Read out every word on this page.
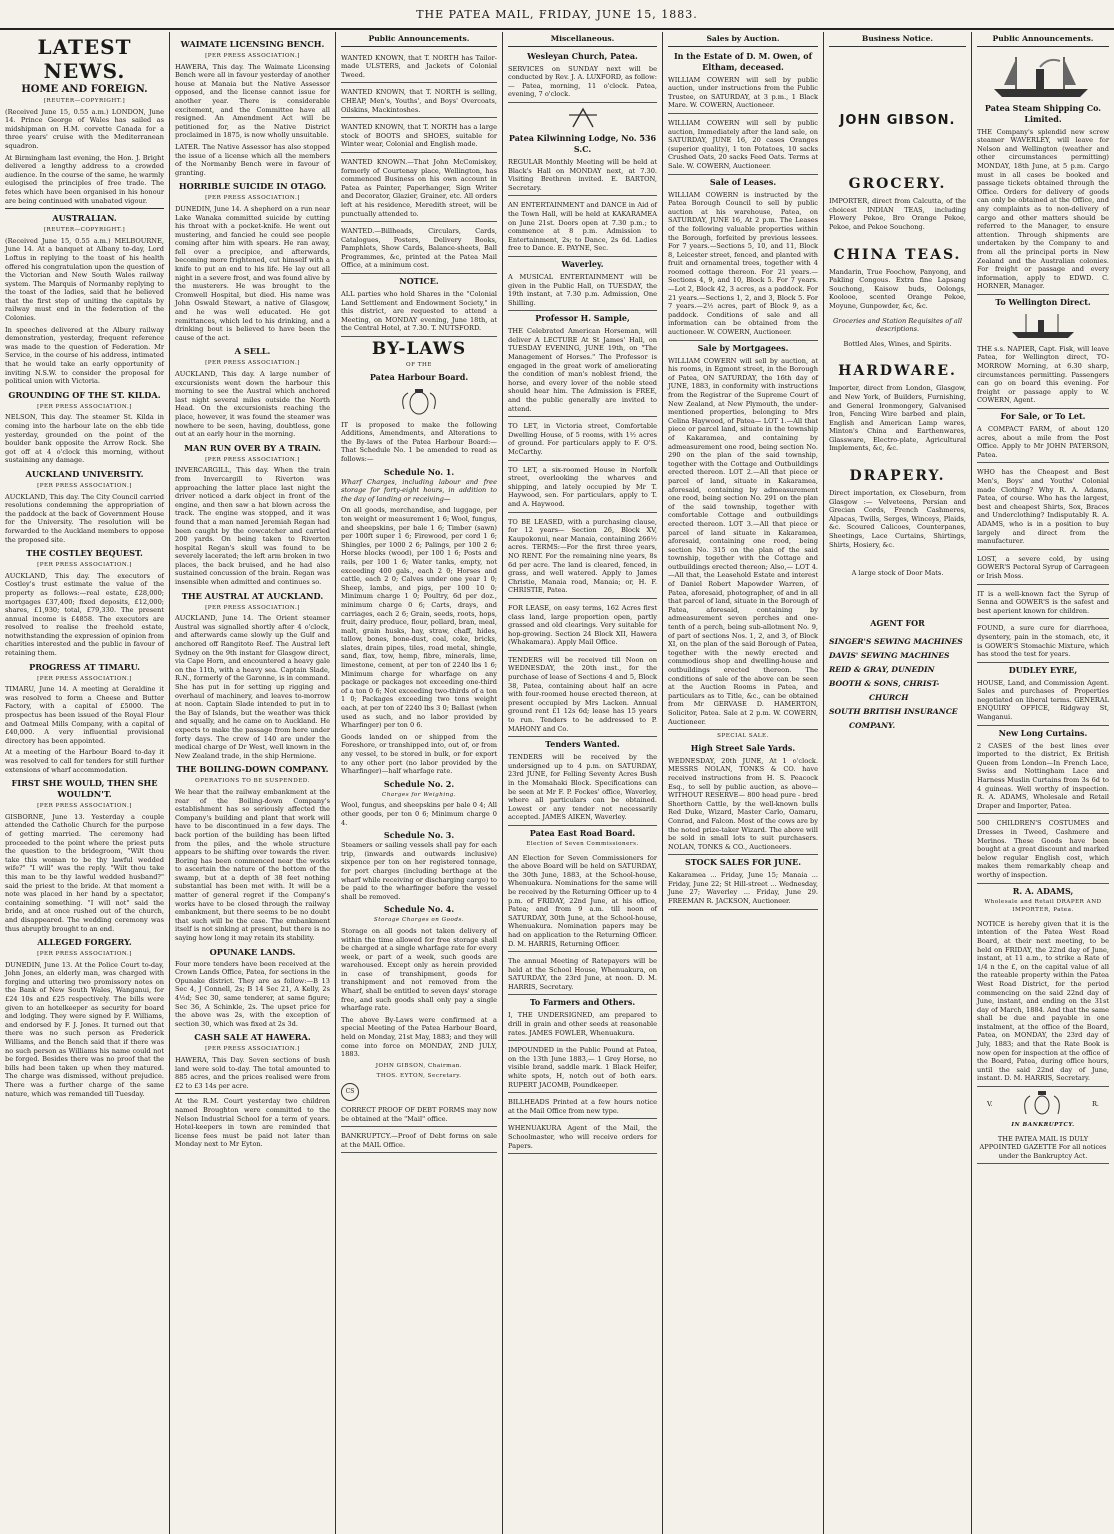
THE PATEA MAIL, FRIDAY, JUNE 15, 1883.
LATEST NEWS.
HOME AND FOREIGN.
[REUTER—COPYRIGHT.]
(Received June 15, 0.55 a.m.) LONDON, June 14. Prince George of Wales has sailed as midshipman on H.M. corvette Canada for a three years' cruise with the Mediterranean squadron.
At Birmingham last evening, the Hon. J. Bright delivered a lengthy address to a crowded audience. In the course of the same, he warmly eulogised the principles of free trade. The fetes which have been organised in his honour are being continued with unabated vigour.
AUSTRALIAN.
[REUTER—COPYRIGHT.]
(Received June 15, 0.55 a.m.) MELBOURNE, June 14. At a banquet at Albany to-day, Lord Loftus in replying to the toast of his health offered his congratulation upon the question of the Victorian and New South Wales railway system. The Marquis of Normanby replying to the toast of the ladies, said that he believed that the first step of uniting the capitals by railway must end in the federation of the Colonies.
In speeches delivered at the Albury railway demonstration, yesterday, frequent reference was made to the question of Federation. Mr Service, in the course of his address, intimated that he would take an early opportunity of inviting N.S.W. to consider the proposal for political union with Victoria.
GROUNDING OF THE ST. KILDA.
[PER PRESS ASSOCIATION.]
NELSON, This day. The steamer St. Kilda in coming into the harbour late on the ebb tide yesterday, grounded on the point of the boulder bank opposite the Arrow Rock. She got off at 4 o'clock this morning, without sustaining any damage.
AUCKLAND UNIVERSITY.
[PER PRESS ASSOCIATION.]
AUCKLAND, This day. The City Council carried resolutions condemning the appropriation of the paddock at the back of Government House for the University. The resolution will be forwarded to the Auckland members to oppose the proposed site.
THE COSTLEY BEQUEST.
[PER PRESS ASSOCIATION.]
AUCKLAND, This day. The executors of Costley's trust estimate the value of the property as follows:—real estate, £28,000; mortgages £37,400; fixed deposits, £12,000; shares, £1,930; total, £79,330. The present annual income is £4858. The executors are resolved to realise the freehold estate, notwithstanding the expression of opinion from charities interested and the public in favour of retaining them.
PROGRESS AT TIMARU.
[PER PRESS ASSOCIATION.]
TIMARU, June 14. A meeting at Geraldine it was resolved to form a Cheese and Butter Factory, with a capital of £5000. The prospectus has been issued of the Royal Flour and Oatmeal Mills Company, with a capital of £40,000. A very influential provisional directory has been appointed.
At a meeting of the Harbour Board to-day it was resolved to call for tenders for still further extensions of wharf accommodation.
FIRST SHE WOULD, THEN SHE WOULDN'T.
[PER PRESS ASSOCIATION.]
GISBORNE, June 13. Yesterday a couple attended the Catholic Church for the purpose of getting married. The ceremony had proceeded to the point where the priest puts the question to the bridegroom, "Wilt thou take this woman to be thy lawful wedded wife?" "I will" was the reply. "Wilt thou take this man to be thy lawful wedded husband?" said the priest to the bride. At that moment a note was placed in her hand by a spectator, containing something. "I will not" said the bride, and at once rushed out of the church, and disappeared. The wedding ceremony was thus abruptly brought to an end.
ALLEGED FORGERY.
[PER PRESS ASSOCIATION.]
DUNEDIN, June 13. At the Police Court to-day, John Jones, an elderly man, was charged with forging and uttering two promissory notes on the Bank of New South Wales, Wanganui, for £24 10s and £25 respectively. The bills were given to an hotelkeeper as security for board and lodging. They were signed by F. Williams, and endorsed by F. J. Jones. It turned out that there was no such person as Frederick Williams, and the Bench said that if there was no such person as Williams his name could not be forged. Besides there was no proof that the bills had been taken up when they matured. The charge was dismissed, without prejudice. There was a further charge of the same nature, which was remanded till Tuesday.
WAIMATE LICENSING BENCH.
[PER PRESS ASSOCIATION.]
HAWERA, This day. The Waimate Licensing Bench were all in favour yesterday of another house at Manaia but the Native Assessor opposed, and the license cannot issue for another year. There is considerable excitement, and the Committee have all resigned. An Amendment Act will be petitioned for, as the Native District proclaimed in 1875, is now wholly unsuitable.
LATER. The Native Assessor has also stopped the issue of a license which all the members of the Normanby Bench were in favour of granting.
HORRIBLE SUICIDE IN OTAGO.
[PER PRESS ASSOCIATION.]
DUNEDIN, June 14. A shepherd on a run near Lake Wanaka committed suicide by cutting his throat with a pocket-knife. He went out mustering, and fancied he could see people coming after him with spears. He ran away, fell over a precipice, and afterwards, becoming more frightened, cut himself with a knife to put an end to his life. He lay out all night in a severe frost, and was found alive by the musterers. He was brought to the Cromwell Hospital, but died. His name was John Oswald Stewart, a native of Glasgow, and he was well educated. He got remittances, which led to his drinking, and a drinking bout is believed to have been the cause of the act.
A SELL.
[PER PRESS ASSOCIATION.]
AUCKLAND, This day. A large number of excursionists went down the harbour this morning to see the Austral which anchored last night several miles outside the North Head. On the excursionists reaching the place, however, it was found the steamer was nowhere to be seen, having, doubtless, gone out at an early hour in the morning.
MAN RUN OVER BY A TRAIN.
[PER PRESS ASSOCIATION.]
INVERCARGILL, This day. When the train from Invercargill to Riverton was approaching the latter place last night the driver noticed a dark object in front of the engine, and then saw a hat blown across the track. The engine was stopped, and it was found that a man named Jeremiah Regan had been caught by the cowcatcher and carried 200 yards. On being taken to Riverton hospital Regan's skull was found to be severely lacerated; the left arm broken in two places, the back bruised, and he had also sustained concussion of the brain. Regan was insensible when admitted and continues so.
THE AUSTRAL AT AUCKLAND.
[PER PRESS ASSOCIATION.]
AUCKLAND, June 14. The Orient steamer Austral was signalled shortly after 4 o'clock, and afterwards came slowly up the Gulf and anchored off Rangitoto Reef. The Austral left Sydney on the 9th instant for Glasgow direct, via Cape Horn, and encountered a heavy gale on the 11th, with a heavy sea. Captain Slade, R.N., formerly of the Garonne, is in command. She has put in for setting up rigging and overhaul of machinery, and leaves to-morrow at noon. Captain Slade intended to put in to the Bay of Islands, but the weather was thick and squally, and he came on to Auckland. He expects to make the passage from here under forty days. The crew of 140 are under the medical charge of Dr West, well known in the New Zealand trade, in the ship Hermione.
THE BOILING-DOWN COMPANY.
OPERATIONS TO BE SUSPENDED.
We hear that the railway embankment at the rear of the Boiling-down Company's establishment has so seriously affected the Company's building and plant that work will have to be discontinued in a few days. The back portion of the building has been lifted from the piles, and the whole structure appears to be shifting over towards the river. Boring has been commenced near the works to ascertain the nature of the bottom of the swamp, but at a depth of 38 feet nothing substantial has been met with. It will be a matter of general regret if the Company's works have to be closed through the railway embankment, but there seems to be no doubt that such will be the case. The embankment itself is not sinking at present, but there is no saying how long it may retain its stability.
OPUNAKE LANDS.
Four more tenders have been received at the Crown Lands Office, Patea, for sections in the Opunake district. They are as follow:—B 13 Sec 4, J Connell, 2s; B 14 Sec 21, A Kelly, 2s 4½d; Sec 30, same tenderer, at same figure; Sec 36, A Schinkle, 2s. The upset price for the above was 2s, with the exception of section 30, which was fixed at 2s 3d.
CASH SALE AT HAWERA.
[PER PRESS ASSOCIATION.]
HAWERA, This Day. Seven sections of bush land were sold to-day. The total amounted to 885 acres, and the prices realised were from £2 to £3 14s per acre.
At the R.M. Court yesterday two children named Broughton were committed to the Nelson Industrial School for a term of years. Hotel-keepers in town are reminded that license fees must be paid not later than Monday next to Mr Eyton.
Public Announcements.
WANTED KNOWN, that T. NORTH has Tailor-made ULSTERS, and Jackets of Colonial Tweed.
WANTED KNOWN, that T. NORTH is selling, CHEAP, Men's, Youths', and Boys' Overcoats, Oilskins, Mackintoshes.
WANTED KNOWN, that T. NORTH has a large stock of BOOTS and SHOES, suitable for Winter wear, Colonial and English made.
WANTED KNOWN.—That John McComiskey, formerly of Courtenay place, Wellington, has commenced Business on his own account in Patea as Painter, Paperhanger, Sign Writer and Decorator, Glazier, Grainer, etc. All orders left at his residence, Meredith street, will be punctually attended to.
WANTED.—Billheads, Circulars, Cards, Catalogues, Posters, Delivery Books, Pamphlets, Show Cards, Balance-sheets, Ball Programmes, &c, printed at the Patea Mail Office, at a minimum cost.
NOTICE.
ALL parties who hold Shares in the "Colonial Land Settlement and Endowment Society," in this district, are requested to attend a Meeting, on MONDAY evening, June 18th, at the Central Hotel, at 7.30. T. NUTSFORD.
BY-LAWS
OF THE
Patea Harbour Board.
IT is proposed to make the following Additions, Amendments, and Alterations to the By-laws of the Patea Harbour Board:— That Schedule No. 1 be amended to read as follows:—
Schedule No. 1.
Wharf Charges, including labour and free storage for forty-eight hours, in addition to the day of landing or receiving—
On all goods, merchandise, and luggage, per ton weight or measurement 1 6; Wool, fungus, and sheepskins, per bale 1 6; Timber (sawn) per 100ft super 1 6; Firewood, per cord 1 6; Shingles, per 1000 2 6; Palings, per 100 2 6; Horse blocks (wood), per 100 1 6; Posts and rails, per 100 1 6; Water tanks, empty, not exceeding 400 gals., each 2 0; Horses and cattle, each 2 0; Calves under one year 1 0; Sheep, lambs, and pigs, per 100 10 0; Minimum charge 1 0; Poultry, 6d per doz., minimum charge 0 6; Carts, drays, and carriages, each 2 6; Grain, seeds, roots, hops, fruit, dairy produce, flour, pollard, bran, meal, malt, grain husks, hay, straw, chaff, hides, tallow, bones, bone-dust, coal, coke, bricks, slates, drain pipes, tiles, road metal, shingle, sand, flax, tow, hemp, fibre, minerals, lime, limestone, cement, at per ton of 2240 lbs 1 6; Minimum charge for wharfage on any package or packages not exceeding one-third of a ton 0 6; Not exceeding two-thirds of a ton 1 0; Packages exceeding two tons weight each, at per ton of 2240 lbs 3 0; Ballast (when used as such, and no labor provided by Wharfinger) per ton 0 6.
Goods landed on or shipped from the Foreshore, or transhipped into, out of, or from any vessel, to be stored in bulk, or for export to any other port (no labor provided by the Wharfinger)—half wharfage rate.
Schedule No. 2.
Charges for Weighing.
Wool, fungus, and sheepskins per bale 0 4; All other goods, per ton 0 6; Minimum charge 0 4.
Schedule No. 3.
Steamers or sailing vessels shall pay for each trip, (inwards and outwards inclusive) sixpence per ton on her registered tonnage, for port charges (including berthage at the wharf while receiving or discharging cargo) to be paid to the wharfinger before the vessel shall be removed.
Schedule No. 4.
Storage Charges on Goods.
Storage on all goods not taken delivery of within the time allowed for free storage shall be charged at a single wharfage rate for every week, or part of a week, such goods are warehoused. Except only as herein provided in case of transhipment, goods for transhipment and not removed from the Wharf, shall be entitled to seven days' storage free, and such goods shall only pay a single wharfage rate.
The above By-Laws were confirmed at a special Meeting of the Patea Harbour Board, held on Monday, 21st May, 1883; and they will come into force on MONDAY, 2ND JULY, 1883.
JOHN GIBSON, Chairman.
THOS. EYTON, Secretary.
CS
CORRECT PROOF OF DEBT FORMS may now be obtained at the "Mail" office.
BANKRUPTCY.—Proof of Debt forms on sale at the MAIL Office.
Miscellaneous.
Wesleyan Church, Patea.
SERVICES on SUNDAY next will be conducted by Rev. J. A. LUXFORD, as follow:— Patea, morning, 11 o'clock. Patea, evening, 7 o'clock.
Patea Kilwinning Lodge, No. 536 S.C.
REGULAR Monthly Meeting will be held at Black's Hall on MONDAY next, at 7.30. Visiting Brethren invited. E. BARTON, Secretary.
AN ENTERTAINMENT and DANCE in Aid of the Town Hall, will be held at KAKARAMEA on June 21st. Doors open at 7.30 p.m.; to commence at 8 p.m. Admission to Entertainment, 2s; to Dance, 2s 6d. Ladies free to Dance. E. PAYNE, Sec.
Waverley.
A MUSICAL ENTERTAINMENT will be given in the Public Hall, on TUESDAY, the 19th instant, at 7.30 p.m. Admission, One Shilling.
Professor H. Sample,
THE Celebrated American Horseman, will deliver A LECTURE At St James' Hall, on TUESDAY EVENING, JUNE 19th, on "The Management of Horses." The Professor is engaged in the great work of ameliorating the condition of man's noblest friend, the horse, and every lover of the noble steed should hear him. The Admission is FREE, and the public generally are invited to attend.
TO LET, in Victoria street, Comfortable Dwelling House, of 5 rooms, with 1½ acres of ground. For particulars apply to F. O'S. McCarthy.
TO LET, a six-roomed House in Norfolk street, overlooking the wharves and shipping, and lately occupied by Mr T. Haywood, sen. For particulars, apply to T. and A. Haywood.
TO BE LEASED, with a purchasing clause, for 12 years— Section 26, Block XV, Kaupokonui, near Manaia, containing 266½ acres. TERMS:—For the first three years, NO RENT. For the remaining nine years, 8s 6d per acre. The land is cleared, fenced, in grass, and well watered. Apply to James Christie, Manaia road, Manaia; or, H. F. CHRISTIE, Patea.
FOR LEASE, on easy terms, 162 Acres first class land, large proportion open, partly grassed and old clearings. Very suitable for hop-growing. Section 24 Block XII, Hawera (Whakamara). Apply Mail Office.
TENDERS will be received till Noon on WEDNESDAY, the 20th inst., for the purchase of lease of Sections 4 and 5, Block 38, Patea, containing about half an acre with four-roomed house erected thereon, at present occupied by Mrs Lacken. Annual ground rent £1 12s 6d; lease has 15 years to run. Tenders to be addressed to P. MAHONY and Co.
Tenders Wanted.
TENDERS will be received by the undersigned up to 4 p.m. on SATURDAY, 23rd JUNE, for Felling Seventy Acres Bush in the Momahaki Block. Specifications can be seen at Mr F. P. Fockes' office, Waverley, where all particulars can be obtained. Lowest or any tender not necessarily accepted. JAMES AIKEN, Waverley.
Patea East Road Board.
Election of Seven Commissioners.
AN Election for Seven Commissioners for the above Board will be held on SATURDAY, the 30th June, 1883, at the School-house, Whenuakura. Nominations for the same will be received by the Returning Officer up to 4 p.m. of FRIDAY, 22nd June, at his office, Patea; and from 9 a.m. till noon of SATURDAY, 30th June, at the School-house, Whenuakura. Nomination papers may be had on application to the Returning Officer. D. M. HARRIS, Returning Officer.
The annual Meeting of Ratepayers will be held at the School House, Whenuakura, on SATURDAY, the 23rd June, at noon. D. M. HARRIS, Secretary.
To Farmers and Others.
I, THE UNDERSIGNED, am prepared to drill in grain and other seeds at reasonable rates. JAMES FOWLER, Whenuakura.
IMPOUNDED in the Public Pound at Patea, on the 13th June 1883,— 1 Grey Horse, no visible brand, saddle mark. 1 Black Heifer, white spots, H, notch out of both ears. RUPERT JACOMB, Poundkeeper.
BILLHEADS Printed at a few hours notice at the Mail Office from new type.
WHENUAKURA Agent of the Mail, the Schoolmaster, who will receive orders for Papers.
Sales by Auction.
In the Estate of D. M. Owen, of Eltham, deceased.
WILLIAM COWERN will sell by public auction, under instructions from the Public Trustee, on SATURDAY, at 3 p.m., 1 Black Mare. W. COWERN, Auctioneer.
WILLIAM COWERN will sell by public auction, Immediately after the land sale, on SATURDAY, JUNE 16, 20 cases Oranges (superior quality), 1 ton Potatoes, 10 sacks Crushed Oats, 20 sacks Feed Oats. Terms at Sale. W. COWERN, Auctioneer.
Sale of Leases.
WILLIAM COWERN is instructed by the Patea Borough Council to sell by public auction at his warehouse, Patea, on SATURDAY, JUNE 16, At 2 p.m. The Leases of the following valuable properties within the Borough, forfeited by previous lessees. For 7 years.—Sections 5, 10, and 11, Block 8, Leicester street, fenced, and planted with fruit and ornamental trees, together with 4 roomed cottage thereon. For 21 years.—Sections 4, 9, and 10, Block 5. For 7 years.—Lot 2, Block 42, 3 acres, as a paddock. For 21 years.—Sections 1, 2, and 3, Block 5. For 7 years.—2½ acres, part of Block 9, as a paddock. Conditions of sale and all information can be obtained from the auctioneer. W. COWERN, Auctioneer.
Sale by Mortgagees.
WILLIAM COWERN will sell by auction, at his rooms, in Egmont street, in the Borough of Patea, ON SATURDAY, the 16th day of JUNE, 1883, in conformity with instructions from the Registrar of the Supreme Court of New Zealand, at New Plymouth, the under-mentioned properties, belonging to Mrs Celina Haywood, of Patea— LOT 1.—All that piece or parcel land, situate in the township of Kakaramea, and containing by admeasurement one rood, being section No. 290 on the plan of the said township, together with the Cottage and Outbuildings erected thereon. LOT 2.—All that piece or parcel of land, situate in Kakaramea, aforesaid, containing by admeasurement one rood, being section No. 291 on the plan of the said township, together with comfortable Cottage and outbuildings erected thereon. LOT 3.—All that piece or parcel of land situate in Kakaramea, aforesaid, containing one rood, being section No. 315 on the plan of the said township, together with the Cottage and outbuildings erected thereon; Also,— LOT 4.—All that, the Leasehold Estate and interest of Daniel Robert Mapowder Warren, of Patea, aforesaid, photographer, of and in all that parcel of land, situate in the Borough of Patea, aforesaid, containing by admeasurement seven perches and one-tenth of a perch, being sub-allotment No. 9, of part of sections Nos. 1, 2, and 3, of Block XI, on the plan of the said Borough of Patea, together with the newly erected and commodious shop and dwelling-house and outbuildings erected thereon. The conditions of sale of the above can be seen at the Auction Rooms in Patea, and particulars as to Title, &c., can be obtained from Mr GERVASE D. HAMERTON, Solicitor, Patea. Sale at 2 p.m. W. COWERN, Auctioneer.
SPECIAL SALE.
High Street Sale Yards.
WEDNESDAY, 20th JUNE, At 1 o'clock. MESSRS NOLAN, TONKS & CO. have received instructions from H. S. Peacock Esq., to sell by public auction, as above—WITHOUT RESERVE— 800 head pure - bred Shorthorn Cattle, by the well-known bulls Red Duke, Wizard, Master Carlo, Oamaru, Conrad, and Falcon. Most of the cows are by the noted prize-taker Wizard. The above will be sold in small lots to suit purchasers. NOLAN, TONKS & CO., Auctioneers.
STOCK SALES FOR JUNE.
Kakaramea ... Friday, June 15; Manaia ... Friday, June 22; St Hill-street ... Wednesday, June 27; Waverley ... Friday, June 29. FREEMAN R. JACKSON, Auctioneer.
Business Notice.
JOHN GIBSON.
GROCERY.
IMPORTER, direct from Calcutta, of the choicest INDIAN TEAS, including Flowery Pekoe, Bro Orange Pekoe, Pekoe, and Pekoe Souchong.
CHINA TEAS.
Mandarin, True Foochow, Panyong, and Pakling Congous. Extra fine Lapsang Souchong, Kaisow buds, Oolongs, Koolooe, scented Orange Pekoe, Moyune, Gunpowder, &c, &c.
Groceries and Station Requisites of all descriptions.
Bottled Ales, Wines, and Spirits.
HARDWARE.
Importer, direct from London, Glasgow, and New York, of Builders, Furnishing, and General Ironmongery, Galvanised Iron, Fencing Wire barbed and plain, English and American Lamp wares, Minton's China and Earthenwares, Glassware, Electro-plate, Agricultural Implements, &c, &c.
DRAPERY.
Direct importation, ex Closeburn, from Glasgow :— Velveteens, Persian and Grecian Cords, French Cashmeres, Alpacas, Twills, Serges, Winceys, Plaids, &c. Scoured Calicoes, Counterpanes, Sheetings, Lace Curtains, Shirtings, Shirts, Hosiery, &c.
A large stock of Door Mats.
AGENT FOR
SINGER'S SEWING MACHINES
DAVIS' SEWING MACHINES
REID & GRAY, DUNEDIN
BOOTH & SONS, CHRIST-
CHURCH
SOUTH BRITISH INSURANCE
COMPANY.
Public Announcements.
Patea Steam Shipping Co. Limited.
THE Company's splendid new screw steamer WAVERLEY, will leave for Nelson and Wellington (weather and other circumstances permitting) MONDAY, 18th June, at 5 p.m. Cargo must in all cases be booked and passage tickets obtained through the Office. Orders for delivery of goods can only be obtained at the Office, and any complaints as to non-delivery of cargo and other matters should be referred to the Manager, to ensure attention. Through shipments are undertaken by the Company to and from all the principal ports in New Zealand and the Australian colonies. For freight or passage and every information, apply to EDWD. C. HORNER, Manager.
To Wellington Direct.
THE s.s. NAPIER, Capt. Fisk, will leave Patea, for Wellington direct, TO-MORROW Morning, at 6.30 sharp, circumstances permitting. Passengers can go on board this evening. For freight or passage apply to W. COWERN, Agent.
For Sale, or To Let.
A COMPACT FARM, of about 120 acres, about a mile from the Post Office. Apply to Mr JOHN PATERSON, Patea.
WHO has the Cheapest and Best Men's, Boys' and Youths' Colonial made Clothing? Why R. A. Adams, Patea, of course. Who has the largest, best and cheapest Shirts, Sox, Braces and Underclothing? Indisputably R. A. ADAMS, who is in a position to buy largely and direct from the manufacturer.
LOST, a severe cold, by using GOWER'S Pectoral Syrup of Carrageen or Irish Moss.
IT is a well-known fact the Syrup of Senna and GOWER'S is the safest and best aperient known for children.
FOUND, a sure cure for diarrhoea, dysentery, pain in the stomach, etc, it is GOWER'S Stomachic Mixture, which has stood the test for years.
DUDLEY EYRE,
HOUSE, Land, and Commission Agent. Sales and purchases of Properties negotiated on liberal terms. GENERAL ENQUIRY OFFICE, Ridgway St, Wanganui.
New Long Curtains.
2 CASES of the best lines ever imported to the district, Ex British Queen from London—In French Lace, Swiss and Nottingham Lace and Harness Muslin Curtains from 3s 6d to 4 guineas. Well worthy of inspection. R. A. ADAMS, Wholesale and Retail Draper and Importer, Patea.
500 CHILDREN'S COSTUMES and Dresses in Tweed, Cashmere and Merinos. These Goods have been bought at a great discount and marked below regular English cost, which makes them remarkably cheap and worthy of inspection.
R. A. ADAMS,
Wholesale and Retail DRAPER AND IMPORTER, Patea.
NOTICE is hereby given that it is the intention of the Patea West Road Board, at their next meeting, to be held on FRIDAY, the 22nd day of June, instant, at 11 a.m., to strike a Rate of 1/4 n the £, on the capital value of all the rateable property within the Patea West Road District, for the period commencing on the said 22nd day of June, instant, and ending on the 31st day of March, 1884. And that the same shall be due and payable in one instalment, at the office of the Board, Patea, on MONDAY, the 23rd day of July, 1883; and that the Rate Book is now open for inspection at the office of the Board, Patea, during office hours, until the said 22nd day of June, instant. D. M. HARRIS, Secretary.
V.	R.
IN BANKRUPTCY.
THE PATEA MAIL IS DULY APPOINTED GAZETTE For all notices under the Bankruptcy Act.
